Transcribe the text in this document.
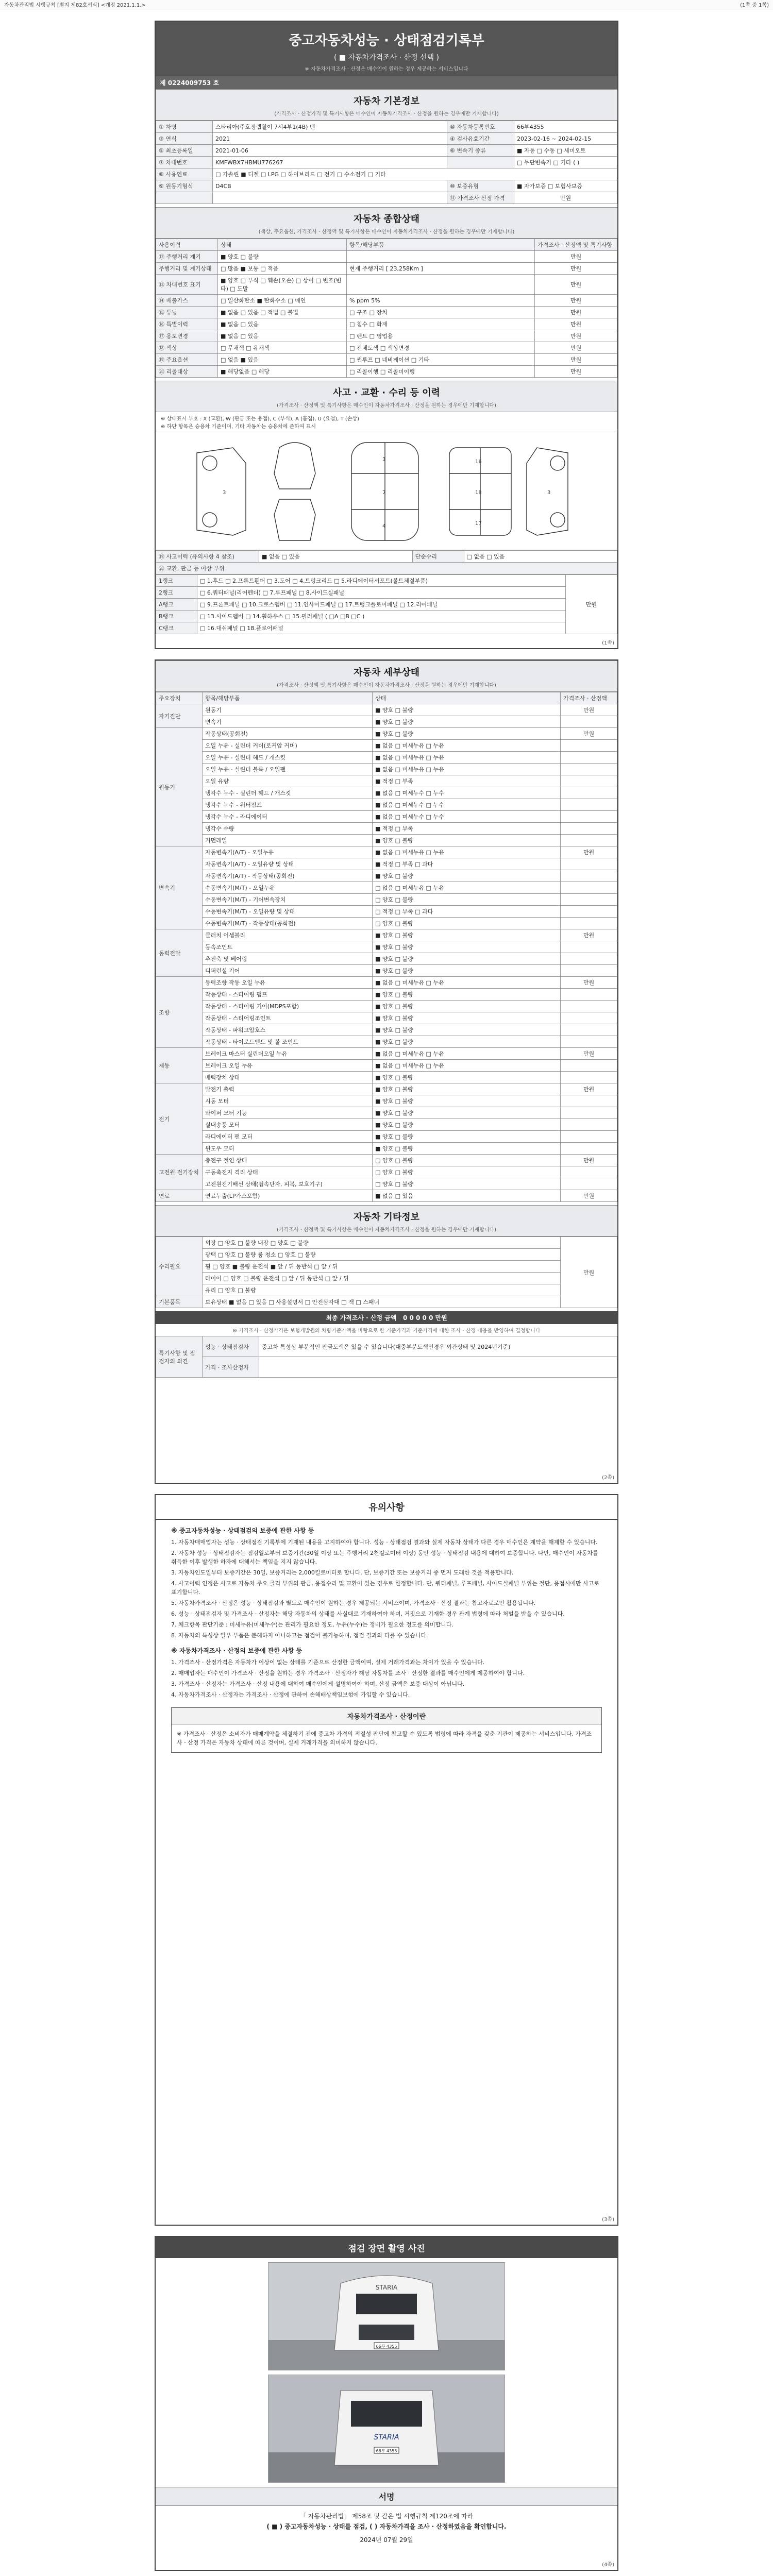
자동차관리법 시행규칙 [별지 제82호서식] <개정 2021.1.1.>	(1쪽 중 1쪽)
중고자동차성능 · 상태점검기록부
( ■ 자동차가격조사 · 산정 선택 )
※ 자동차가격조사 · 산정은 매수인이 원하는 경우 제공하는 서비스입니다
제 0224009753 호
자동차 기본정보
(가격조사 · 산정가격 및 특기사항은 매수인이 자동차가격조사 · 산정을 원하는 경우에만 기재합니다)
① 차명	스타리아(주호정랩칠이 7시4부1(4B) 밴	⑩ 자동차등록번호	66부4355
③ 연식	2021	④ 검사유효기간	2023-02-16 ~ 2024-02-15
⑤ 최초등록일	2021-01-06	⑥ 변속기 종류	■ 자동 □ 수동 □ 세미오토
⑦ 차대번호	KMFWBX7HBMU776267		□ 무단변속기 □ 기타 ( )
⑧ 사용연료	□ 가솔린 ■ 디젤 □ LPG □ 하이브리드 □ 전기 □ 수소전기 □ 기타		
⑨ 원동기형식	D4CB	⑩ 보증유형	■ 자가보증 □ 보험사보증
		⑪ 가격조사 산정 가격	만원
자동차 종합상태
(색상, 주요옵션, 가격조사 · 산정액 및 특기사항은 매수인이 자동차가격조사 · 산정을 원하는 경우에만 기재합니다)
사용이력	상태	항목/해당부품	가격조사 · 산정액 및 특기사항
⑫ 주행거리 계기	■ 양호 □ 불량		만원
주행거리 및 계기상태	□ 많음 ■ 보통 □ 적음	현재 주행거리 [ 23,258Km ]	만원
⑬ 차대번호 표기	■ 양호 □ 부식 □ 훼손(오손) □ 상이 □ 변조(변타) □ 도말		만원
⑭ 배출가스	□ 일산화탄소 ■ 탄화수소 □ 매연	% ppm 5%	만원
⑮ 튜닝	■ 없음 □ 있음 □ 적법 □ 불법	□ 구조 □ 장치	만원
⑯ 특별이력	■ 없음 □ 있음	□ 침수 □ 화재	만원
⑰ 용도변경	■ 없음 □ 있음	□ 렌트 □ 영업용	만원
⑱ 색상	□ 무채색 □ 유채색	□ 전체도색 □ 색상변경	만원
⑲ 주요옵션	□ 없음 ■ 있음	□ 썬루프 □ 네비게이션 □ 기타	만원
⑳ 리콜대상	■ 해당없음 □ 해당	□ 리콜이행 □ 리콜미이행	만원
사고 · 교환 · 수리 등 이력
(가격조사 · 산정액 및 특기사항은 매수인이 자동차가격조사 · 산정을 원하는 경우에만 기재합니다)
※ 상태표시 부호 : X (교환), W (판금 또는 용접), C (부식), A (흠집), U (요철), T (손상)
※ 하단 항목은 승용차 기준이며, 기타 자동차는 승용차에 준하여 표시
1
7
4
16
18
17
3	3
⑲ 사고이력 (유의사항 4 참조)	■ 없음 □ 있음	단순수리	□ 없음 □ 있음
⑳ 교환, 판금 등 이상 부위
1랭크	□ 1.후드 □ 2.프론트휀더 □ 3.도어 □ 4.트렁크리드 □ 5.라디에이터서포트(볼트체결부품)	만원
2랭크	□ 6.쿼터패널(리어펜더) □ 7.루프패널 □ 8.사이드실패널	
A랭크	□ 9.프론트패널 □ 10.크로스멤버 □ 11.인사이드패널 □ 17.트렁크플로어패널 □ 12.리어패널	
B랭크	□ 13.사이드멤버 □ 14.휠하우스 □ 15.필러패널 ( □A □B □C )	
C랭크	□ 16.대쉬패널 □ 18.플로어패널	
(1쪽)
자동차 세부상태
(가격조사 · 산정액 및 특기사항은 매수인이 자동차가격조사 · 산정을 원하는 경우에만 기재합니다)
주요장치	항목/해당부품	상태	가격조사 · 산정액
자기진단	원동기	■ 양호 □ 불량	만원
	변속기	■ 양호 □ 불량	
원동기	작동상태(공회전)	■ 양호 □ 불량	만원
	오일 누유 - 실린더 커버(로커암 커버)	■ 없음 □ 미세누유 □ 누유	
	오일 누유 - 실린더 헤드 / 개스킷	■ 없음 □ 미세누유 □ 누유	
	오일 누유 - 실린더 블록 / 오일팬	■ 없음 □ 미세누유 □ 누유	
	오일 유량	■ 적정 □ 부족	
	냉각수 누수 - 실린더 헤드 / 개스킷	■ 없음 □ 미세누수 □ 누수	
	냉각수 누수 - 워터펌프	■ 없음 □ 미세누수 □ 누수	
	냉각수 누수 - 라디에이터	■ 없음 □ 미세누수 □ 누수	
	냉각수 수량	■ 적정 □ 부족	
	커먼레일	■ 양호 □ 불량	
변속기	자동변속기(A/T) - 오일누유	■ 없음 □ 미세누유 □ 누유	만원
	자동변속기(A/T) - 오일유량 및 상태	■ 적정 □ 부족 □ 과다	
	자동변속기(A/T) - 작동상태(공회전)	■ 양호 □ 불량	
	수동변속기(M/T) - 오일누유	□ 없음 □ 미세누유 □ 누유	
	수동변속기(M/T) - 기어변속장치	□ 양호 □ 불량	
	수동변속기(M/T) - 오일유량 및 상태	□ 적정 □ 부족 □ 과다	
	수동변속기(M/T) - 작동상태(공회전)	□ 양호 □ 불량	
동력전달	클러치 어셈블리	■ 양호 □ 불량	만원
	등속조인트	■ 양호 □ 불량	
	추진축 및 베어링	■ 양호 □ 불량	
	디퍼런셜 기어	■ 양호 □ 불량	
조향	동력조향 작동 오일 누유	■ 없음 □ 미세누유 □ 누유	만원
	작동상태 - 스티어링 펌프	■ 양호 □ 불량	
	작동상태 - 스티어링 기어(MDPS포함)	■ 양호 □ 불량	
	작동상태 - 스티어링조인트	■ 양호 □ 불량	
	작동상태 - 파워고압호스	■ 양호 □ 불량	
	작동상태 - 타이로드엔드 및 볼 조인트	■ 양호 □ 불량	
제동	브레이크 마스터 실린더오일 누유	■ 없음 □ 미세누유 □ 누유	만원
	브레이크 오일 누유	■ 없음 □ 미세누유 □ 누유	
	배력장치 상태	■ 양호 □ 불량	
전기	발전기 출력	■ 양호 □ 불량	만원
	시동 모터	■ 양호 □ 불량	
	와이퍼 모터 기능	■ 양호 □ 불량	
	실내송풍 모터	■ 양호 □ 불량	
	라디에이터 팬 모터	■ 양호 □ 불량	
	윈도우 모터	■ 양호 □ 불량	
고전원 전기장치	충전구 절연 상태	□ 양호 □ 불량	만원
	구동축전지 격리 상태	□ 양호 □ 불량	
	고전원전기배선 상태(접속단자, 피복, 보호기구)	□ 양호 □ 불량	
연료	연료누출(LP가스포함)	■ 없음 □ 있음	만원
자동차 기타정보
(가격조사 · 산정액 및 특기사항은 매수인이 자동차가격조사 · 산정을 원하는 경우에만 기재합니다)
수리필요	외장 □ 양호 □ 불량 내장 □ 양호 □ 불량	만원
	광택 □ 양호 □ 불량 룸 청소 □ 양호 □ 불량	
	휠 □ 양호 ■ 불량 운전석 ■ 앞 / 뒤 동반석 □ 앞 / 뒤	
	타이어 □ 양호 □ 불량 운전석 □ 앞 / 뒤 동반석 □ 앞 / 뒤	
	유리 □ 양호 □ 불량	
기본품목	보유상태 ■ 없음 □ 있음 □ 사용설명서 □ 안전삼각대 □ 잭 □ 스패너	
최종 가격조사 · 산정 금액 0 0 0 0 0 만원
※ 가격조사 · 산정가격은 보험개발원의 차량기준가액을 바탕으로 한 기준가격과 기준가격에 대한 조사 · 산정 내용을 반영하여 결정합니다
특기사항 및 점검자의 의견	성능 · 상태점검자	중고차 특성상 부분적인 판금도색은 있을 수 있습니다(대중부분도색인경우 외관상태 및 2024년기준)
	가격 · 조사산정자	
(2쪽)
유의사항
※ 중고자동차성능 · 상태점검의 보증에 관한 사항 등
1. 자동차매매업자는 성능 · 상태점검 기록부에 기재된 내용을 고지하여야 합니다. 성능 · 상태점검 결과와 실제 자동차 상태가 다른 경우 매수인은 계약을 해제할 수 있습니다.
2. 자동차 성능 · 상태점검자는 점검일로부터 보증기간(30일 이상 또는 주행거리 2천킬로미터 이상) 동안 성능 · 상태점검 내용에 대하여 보증합니다. 다만, 매수인이 자동차를 취득한 이후 발생한 하자에 대해서는 책임을 지지 않습니다.
3. 자동차인도일부터 보증기간은 30일, 보증거리는 2,000킬로미터로 합니다. 단, 보증기간 또는 보증거리 중 먼저 도래한 것을 적용합니다.
4. 사고이력 인정은 사고로 자동차 주요 골격 부위의 판금, 용접수리 및 교환이 있는 경우로 한정합니다. 단, 쿼터패널, 루프패널, 사이드실패널 부위는 절단, 용접시에만 사고로 표기합니다.
5. 자동차가격조사 · 산정은 성능 · 상태점검과 별도로 매수인이 원하는 경우 제공되는 서비스이며, 가격조사 · 산정 결과는 참고자료로만 활용됩니다.
6. 성능 · 상태점검자 및 가격조사 · 산정자는 해당 자동차의 상태를 사실대로 기재하여야 하며, 거짓으로 기재한 경우 관계 법령에 따라 처벌을 받을 수 있습니다.
7. 체크항목 판단기준 : 미세누유(미세누수)는 관리가 필요한 정도, 누유(누수)는 정비가 필요한 정도를 의미합니다.
8. 자동차의 특성상 일부 부품은 분해하지 아니하고는 점검이 불가능하며, 점검 결과와 다를 수 있습니다.
※ 자동차가격조사 · 산정의 보증에 관한 사항 등
1. 가격조사 · 산정가격은 자동차가 이상이 없는 상태를 기준으로 산정한 금액이며, 실제 거래가격과는 차이가 있을 수 있습니다.
2. 매매업자는 매수인이 가격조사 · 산정을 원하는 경우 가격조사 · 산정자가 해당 자동차를 조사 · 산정한 결과를 매수인에게 제공하여야 합니다.
3. 가격조사 · 산정자는 가격조사 · 산정 내용에 대하여 매수인에게 설명하여야 하며, 산정 금액은 보증 대상이 아닙니다.
4. 자동차가격조사 · 산정자는 가격조사 · 산정에 관하여 손해배상책임보험에 가입할 수 있습니다.
자동차가격조사 · 산정이란
※ 가격조사 · 산정은 소비자가 매매계약을 체결하기 전에 중고차 가격의 적절성 판단에 참고할 수 있도록 법령에 따라 자격을 갖춘 기관이 제공하는 서비스입니다. 가격조사 · 산정 가격은 자동차 상태에 따른 것이며, 실제 거래가격을 의미하지 않습니다.
(3쪽)
점검 장면 촬영 사진
STARIA
66부 4355
STARIA
66부 4355
서명
「 자동차관리법」 제58조 및 같은 법 시행규칙 제120조에 따라
( ■ ) 중고자동차성능 · 상태를 점검, ( ) 자동차가격을 조사 · 산정하였음을 확인합니다.
2024년 07월 29일
(4쪽)
